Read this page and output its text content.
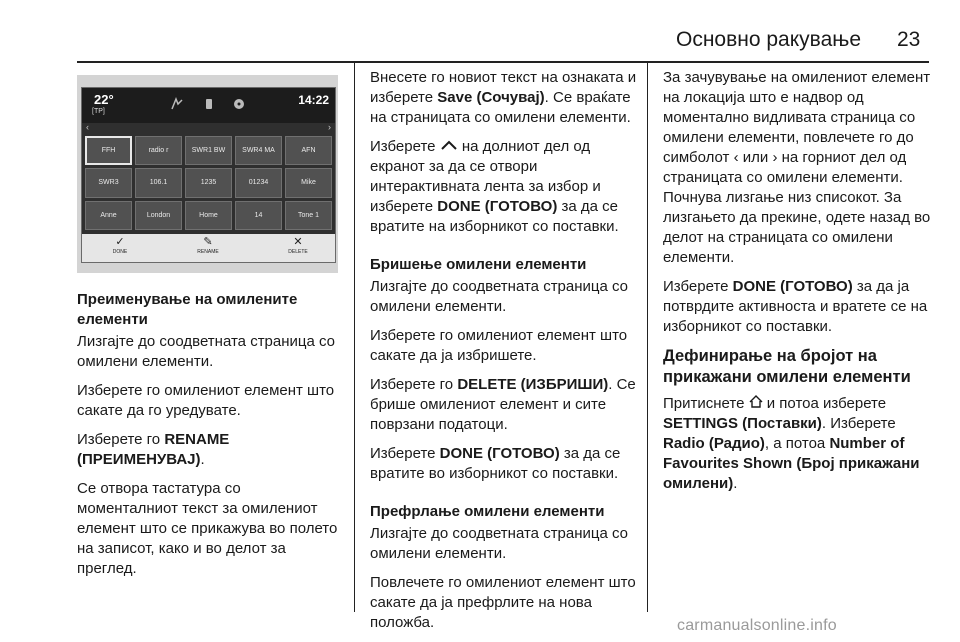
Основно ракување 23
22°
[TP]
14:22
‹	›
FFH	radio r	SWR1 BW	SWR4 MA	AFN
SWR3	106.1	1235	01234	Mike
Anne	London	Home	14	Tone 1
✓
DONE
✎
RENAME
✕
DELETE
Преименување на омилените елементи

Лизгајте до соодветната страница со омилени елементи.

Изберете го омилениот елемент што сакате да го уредувате.

Изберете го RENAME (ПРЕИМЕНУВАЈ).

Се отвора тастатура со моменталниот текст за омилениот елемент што се прикажува во полето на записот, како и во делот за преглед.

Внесете го новиот текст на ознаката и изберете Save (Сочувај). Се враќате на страницата со омилени елементи.

Изберете  на долниот дел од екранот за да се отвори интерактивната лента за избор и изберете DONE (ГОТОВО) за да се вратите на изборникот со поставки.

Бришење омилени елементи

Лизгајте до соодветната страница со омилени елементи.

Изберете го омилениот елемент што сакате да ја избришете.

Изберете го DELETE (ИЗБРИШИ). Се брише омилениот елемент и сите поврзани податоци.

Изберете DONE (ГОТОВО) за да се вратите во изборникот со поставки.

Префрлање омилени елементи

Лизгајте до соодветната страница со омилени елементи.

Повлечете го омилениот елемент што сакате да ја префрлите на нова положба.

За зачувување на омилениот елемент на локација што е надвор од моментално видливата страница со омилени елементи, повлечете го до симболот ‹ или › на горниот дел од страницата со омилени елементи. Почнува лизгање низ списокот. За лизгањето да прекине, одете назад во делот на страницата со омилени елементи.

Изберете DONE (ГОТОВО) за да ја потврдите активноста и вратете се на изборникот со поставки.

Дефинирање на бројот на прикажани омилени елементи

Притиснете  и потоа изберете SETTINGS (Поставки). Изберете Radio (Радио), а потоа Number of Favourites Shown (Број прикажани омилени).

carmanualsonline.info
